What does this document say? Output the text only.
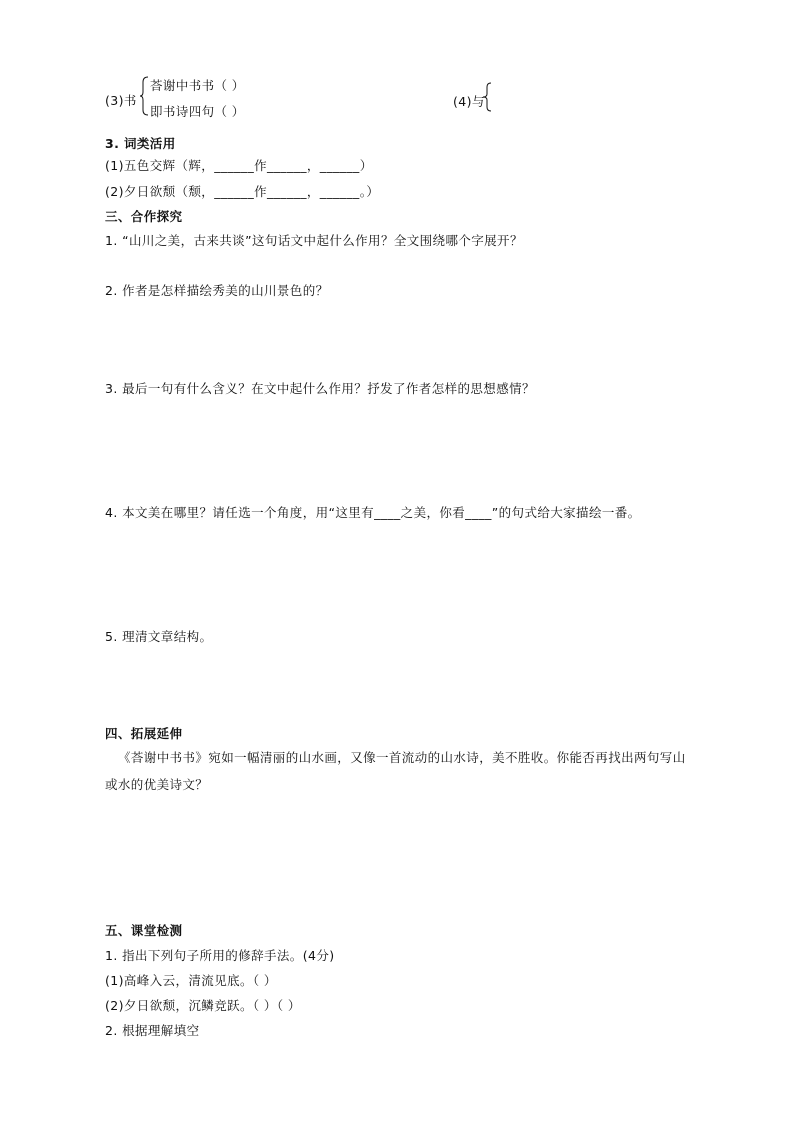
(3)书
荅谢中书书（ ）
即书诗四句（ ）
(4)与
3. 词类活用
(1)五色交辉（辉，______作______，______）
(2)夕日欲颓（颓，______作______，______。）
三、合作探究
1. “山川之美，古来共谈”这句话文中起什么作用？全文围绕哪个字展开？
2. 作者是怎样描绘秀美的山川景色的？
3. 最后一句有什么含义？在文中起什么作用？抒发了作者怎样的思想感情？
4. 本文美在哪里？请任选一个角度，用“这里有____之美，你看____”的句式给大家描绘一番。
5. 理清文章结构。
四、拓展延伸
《荅谢中书书》宛如一幅清丽的山水画，又像一首流动的山水诗，美不胜收。你能否再找出两句写山
或水的优美诗文？
五、课堂检测
1. 指出下列句子所用的修辞手法。(4分)
(1)高峰入云，清流见底。（ ）
(2)夕日欲颓，沉鳞竞跃。（ ）（ ）
2. 根据理解填空
